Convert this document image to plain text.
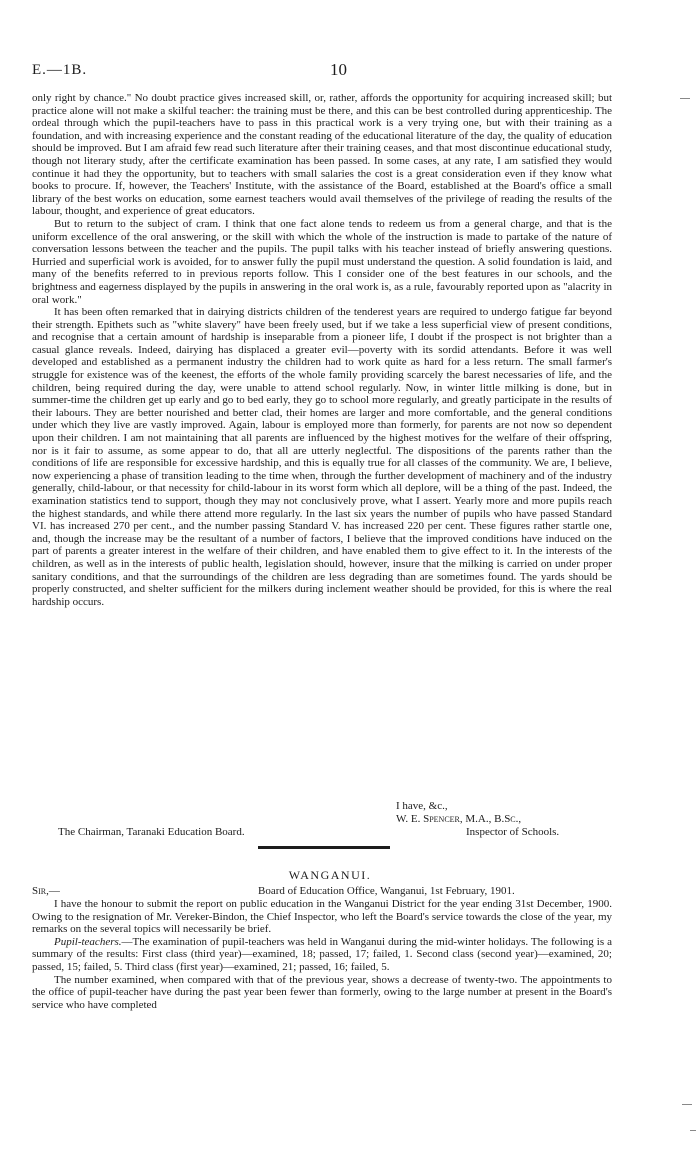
E.—1B.	10

only right by chance." No doubt practice gives increased skill, or, rather, affords the opportunity for acquiring increased skill; but practice alone will not make a skilful teacher: the training must be there, and this can be best controlled during apprenticeship. The ordeal through which the pupil-teachers have to pass in this practical work is a very trying one, but with their training as a foundation, and with increasing experience and the constant reading of the educational literature of the day, the quality of education should be improved. But I am afraid few read such literature after their training ceases, and that most discontinue educational study, though not literary study, after the certificate examination has been passed. In some cases, at any rate, I am satisfied they would continue it had they the opportunity, but to teachers with small salaries the cost is a great consideration even if they know what books to procure. If, however, the Teachers' Institute, with the assistance of the Board, established at the Board's office a small library of the best works on education, some earnest teachers would avail themselves of the privilege of reading the results of the labour, thought, and experience of great educators.

But to return to the subject of cram. I think that one fact alone tends to redeem us from a general charge, and that is the uniform excellence of the oral answering, or the skill with which the whole of the instruction is made to partake of the nature of conversation lessons between the teacher and the pupils. The pupil talks with his teacher instead of briefly answering questions. Hurried and superficial work is avoided, for to answer fully the pupil must understand the question. A solid foundation is laid, and many of the benefits referred to in previous reports follow. This I consider one of the best features in our schools, and the brightness and eagerness displayed by the pupils in answering in the oral work is, as a rule, favourably reported upon as "alacrity in oral work."

It has been often remarked that in dairying districts children of the tenderest years are required to undergo fatigue far beyond their strength. Epithets such as "white slavery" have been freely used, but if we take a less superficial view of present conditions, and recognise that a certain amount of hardship is inseparable from a pioneer life, I doubt if the prospect is not brighter than a casual glance reveals. Indeed, dairying has displaced a greater evil—poverty with its sordid attendants. Before it was well developed and established as a permanent industry the children had to work quite as hard for a less return. The small farmer's struggle for existence was of the keenest, the efforts of the whole family providing scarcely the barest necessaries of life, and the children, being required during the day, were unable to attend school regularly. Now, in winter little milking is done, but in summer-time the children get up early and go to bed early, they go to school more regularly, and greatly participate in the results of their labours. They are better nourished and better clad, their homes are larger and more comfortable, and the general conditions under which they live are vastly improved. Again, labour is employed more than formerly, for parents are not now so dependent upon their children. I am not maintaining that all parents are influenced by the highest motives for the welfare of their offspring, nor is it fair to assume, as some appear to do, that all are utterly neglectful. The dispositions of the parents rather than the conditions of life are responsible for excessive hardship, and this is equally true for all classes of the community. We are, I believe, now experiencing a phase of transition leading to the time when, through the further development of machinery and of the industry generally, child-labour, or that necessity for child-labour in its worst form which all deplore, will be a thing of the past. Indeed, the examination statistics tend to support, though they may not conclusively prove, what I assert. Yearly more and more pupils reach the highest standards, and while there attend more regularly. In the last six years the number of pupils who have passed Standard VI. has increased 270 per cent., and the number passing Standard V. has increased 220 per cent. These figures rather startle one, and, though the increase may be the resultant of a number of factors, I believe that the improved conditions have induced on the part of parents a greater interest in the welfare of their children, and have enabled them to give effect to it. In the interests of the children, as well as in the interests of public health, legislation should, however, insure that the milking is carried on under proper sanitary conditions, and that the surroundings of the children are less degrading than are sometimes found. The yards should be properly constructed, and shelter sufficient for the milkers during inclement weather should be provided, for this is where the real hardship occurs.

I have, &c.,
W. E. Spencer, M.A., B.Sc.,
The Chairman, Taranaki Education Board.	Inspector of Schools.
WANGANUI.
Sir,—	Board of Education Office, Wanganui, 1st February, 1901.

I have the honour to submit the report on public education in the Wanganui District for the year ending 31st December, 1900. Owing to the resignation of Mr. Vereker-Bindon, the Chief Inspector, who left the Board's service towards the close of the year, my remarks on the several topics will necessarily be brief.

Pupil-teachers.—The examination of pupil-teachers was held in Wanganui during the mid-winter holidays. The following is a summary of the results: First class (third year)—examined, 18; passed, 17; failed, 1. Second class (second year)—examined, 20; passed, 15; failed, 5. Third class (first year)—examined, 21; passed, 16; failed, 5.

The number examined, when compared with that of the previous year, shows a decrease of twenty-two. The appointments to the office of pupil-teacher have during the past year been fewer than formerly, owing to the large number at present in the Board's service who have completed
